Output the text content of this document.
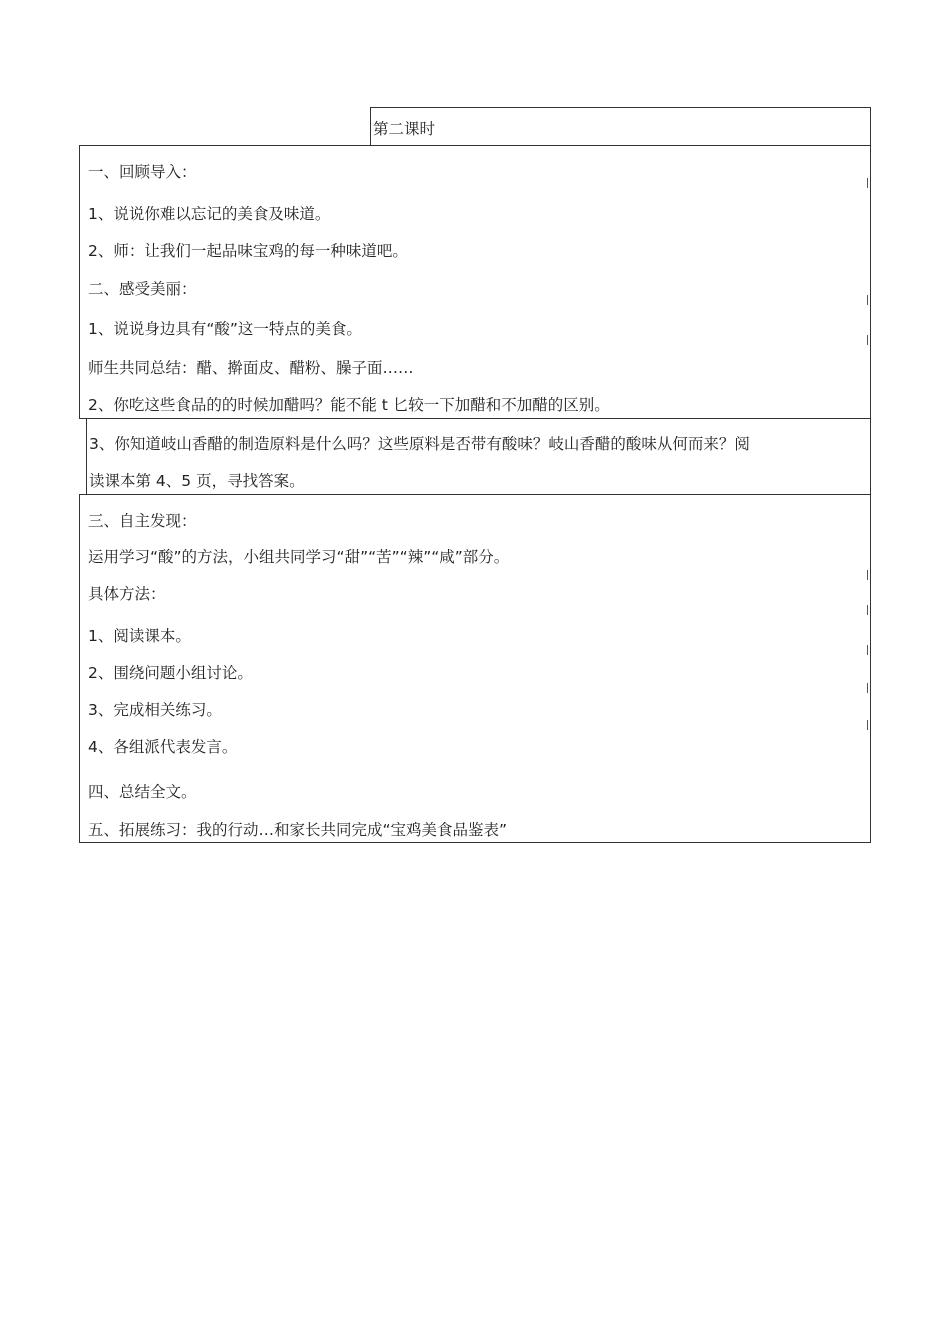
第二课时
一、回顾导入：
1、说说你难以忘记的美食及味道。
2、师：让我们一起品味宝鸡的每一种味道吧。
二、感受美丽：
1、说说身边具有“酸”这一特点的美食。
师生共同总结：醋、擀面皮、醋粉、臊子面……
2、你吃这些食品的的时候加醋吗？能不能 t 匕较一下加醋和不加醋的区别。
3、你知道岐山香醋的制造原料是什么吗？这些原料是否带有酸味？岐山香醋的酸味从何而来？阅
读课本第 4、5 页，寻找答案。
三、自主发现：
运用学习“酸”的方法，小组共同学习“甜”“苦”“辣”“咸”部分。
具体方法：
1、阅读课本。
2、围绕问题小组讨论。
3、完成相关练习。
4、各组派代表发言。
四、总结全文。
五、拓展练习：我的行动…和家长共同完成“宝鸡美食品鉴表”
